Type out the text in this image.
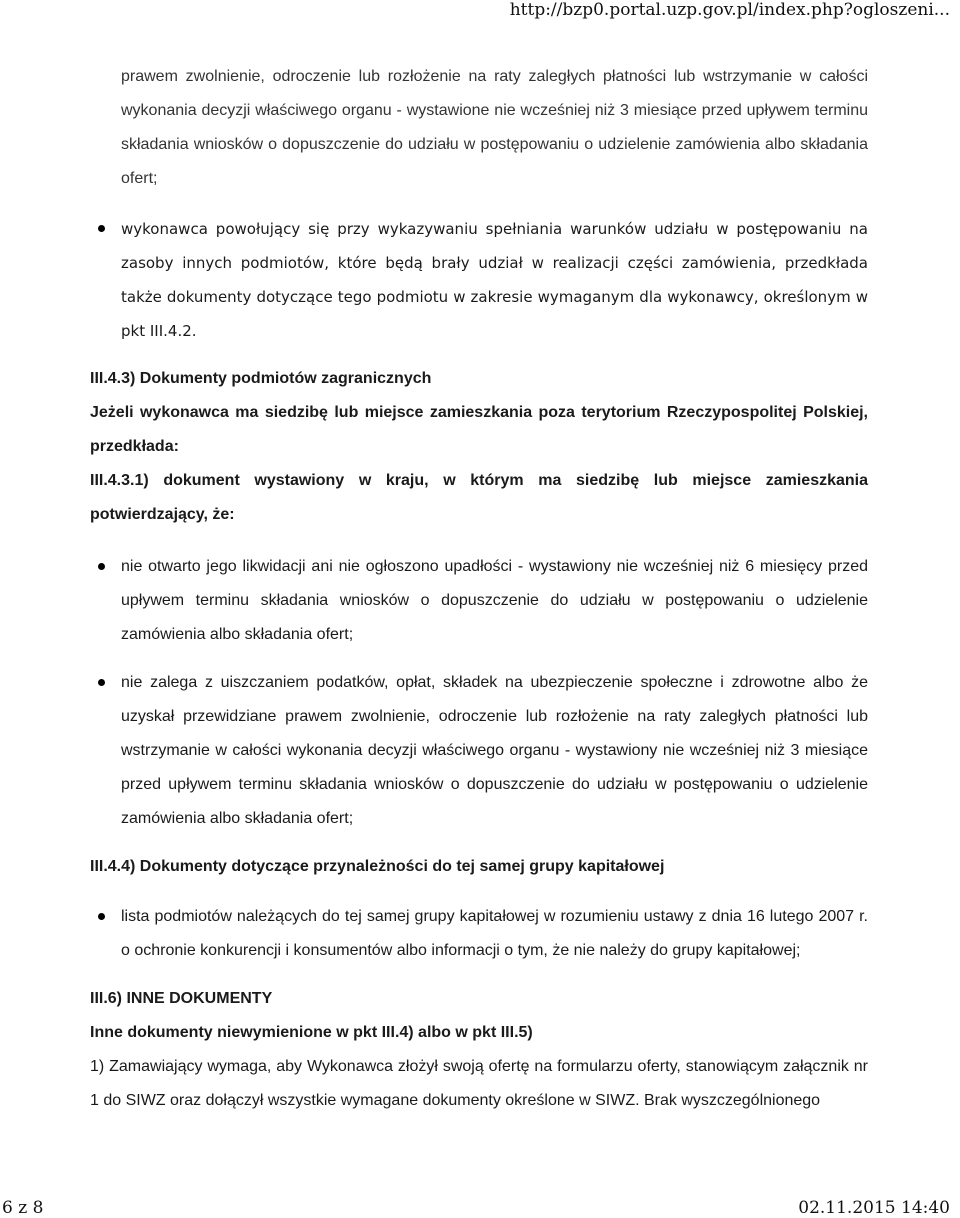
http://bzp0.portal.uzp.gov.pl/index.php?ogloszeni...

prawem zwolnienie, odroczenie lub rozłożenie na raty zaległych płatności lub wstrzymanie w całości wykonania decyzji właściwego organu - wystawione nie wcześniej niż 3 miesiące przed upływem terminu składania wniosków o dopuszczenie do udziału w postępowaniu o udzielenie zamówienia albo składania ofert;

wykonawca powołujący się przy wykazywaniu spełniania warunków udziału w postępowaniu na zasoby innych podmiotów, które będą brały udział w realizacji części zamówienia, przedkłada także dokumenty dotyczące tego podmiotu w zakresie wymaganym dla wykonawcy, określonym w pkt III.4.2.

III.4.3) Dokumenty podmiotów zagranicznych

Jeżeli wykonawca ma siedzibę lub miejsce zamieszkania poza terytorium Rzeczypospolitej Polskiej, przedkłada:

III.4.3.1) dokument wystawiony w kraju, w którym ma siedzibę lub miejsce zamieszkania potwierdzający, że:

nie otwarto jego likwidacji ani nie ogłoszono upadłości - wystawiony nie wcześniej niż 6 miesięcy przed upływem terminu składania wniosków o dopuszczenie do udziału w postępowaniu o udzielenie zamówienia albo składania ofert;
nie zalega z uiszczaniem podatków, opłat, składek na ubezpieczenie społeczne i zdrowotne albo że uzyskał przewidziane prawem zwolnienie, odroczenie lub rozłożenie na raty zaległych płatności lub wstrzymanie w całości wykonania decyzji właściwego organu - wystawiony nie wcześniej niż 3 miesiące przed upływem terminu składania wniosków o dopuszczenie do udziału w postępowaniu o udzielenie zamówienia albo składania ofert;

III.4.4) Dokumenty dotyczące przynależności do tej samej grupy kapitałowej

lista podmiotów należących do tej samej grupy kapitałowej w rozumieniu ustawy z dnia 16 lutego 2007 r. o ochronie konkurencji i konsumentów albo informacji o tym, że nie należy do grupy kapitałowej;

III.6) INNE DOKUMENTY

Inne dokumenty niewymienione w pkt III.4) albo w pkt III.5)

1) Zamawiający wymaga, aby Wykonawca złożył swoją ofertę na formularzu oferty, stanowiącym załącznik nr 1 do SIWZ oraz dołączył wszystkie wymagane dokumenty określone w SIWZ. Brak wyszczególnionego

6 z 8	02.11.2015 14:40
